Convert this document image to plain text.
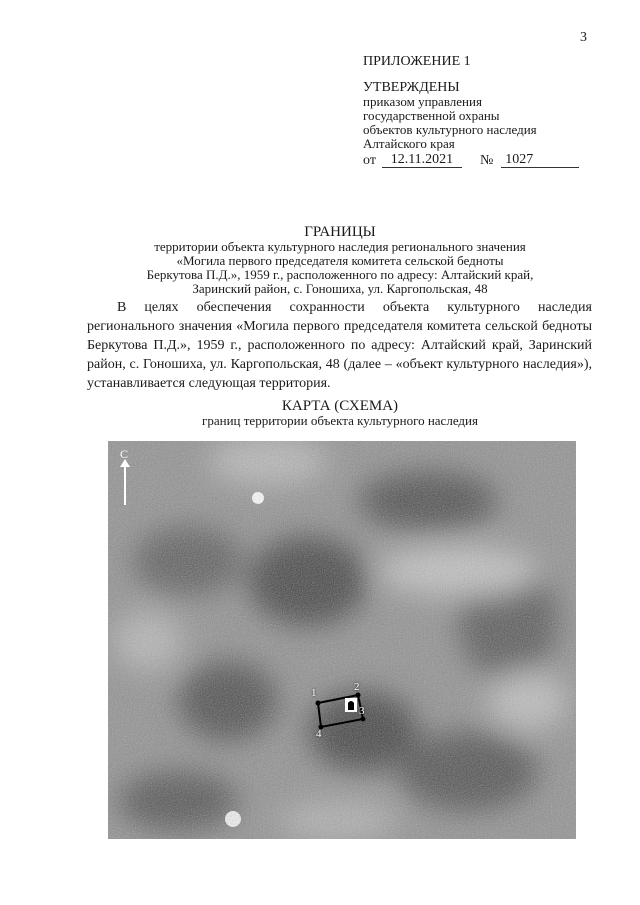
3
ПРИЛОЖЕНИЕ 1
УТВЕРЖДЕНЫ
приказом управления
государственной охраны
объектов культурного наследия
Алтайского края
от	12.11.2021	№ 1027
ГРАНИЦЫ
территории объекта культурного наследия регионального значения
«Могила первого председателя комитета сельской бедноты
Беркутова П.Д.», 1959 г., расположенного по адресу: Алтайский край,
Заринский район, с. Гоношиха, ул. Каргопольская, 48

В целях обеспечения сохранности объекта культурного наследия регионального значения «Могила первого председателя комитета сельской бедноты Беркутова П.Д.», 1959 г., расположенного по адресу: Алтайский край, Заринский район, с. Гоношиха, ул. Каргопольская, 48 (далее – «объект культурного наследия»), устанавливается следующая территория.

КАРТА (СХЕМА)
границ территории объекта культурного наследия
С
1	2
3
4
